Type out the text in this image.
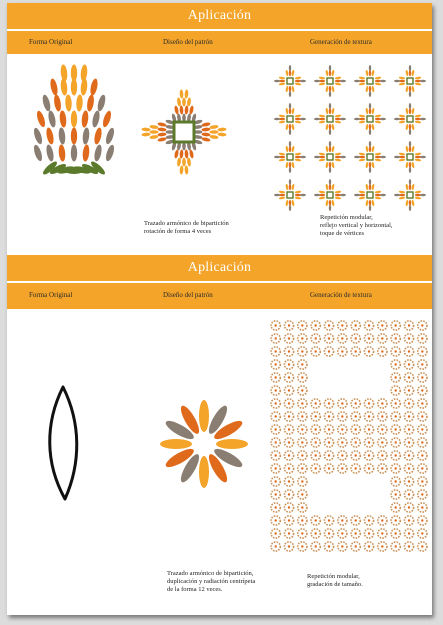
Aplicación
Forma Original	Diseño del patrón	Generación de textura
Trazado armónico de bipartición
rotación de forma 4 veces
Repetición modular,
reflejo vertical y horizontal,
toque de vértices
Aplicación
Forma Original	Diseño del patrón	Generación de textura
Trazado armónico de bipartición,
duplicación y radiación centrípeta
de la forma 12 veces.
Repetición modular,
gradación de tamaño.
